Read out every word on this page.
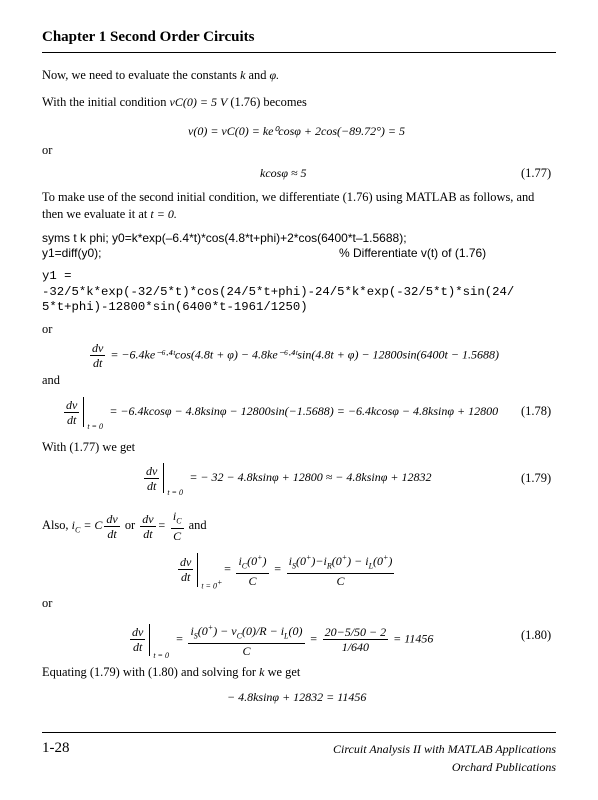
Chapter 1 Second Order Circuits
Now, we need to evaluate the constants k and φ.
With the initial condition vC(0) = 5 V (1.76) becomes
v(0) = vC(0) = ke⁰cosφ + 2cos(−89.72°) = 5
or
kcosφ ≈ 5	(1.77)
To make use of the second initial condition, we differentiate (1.76) using MATLAB as follows, and
then we evaluate it at t = 0.
syms t k phi; y0=k*exp(–6.4*t)*cos(4.8*t+phi)+2*cos(6400*t–1.5688);
y1=diff(y0);	% Differentiate v(t) of (1.76)
y1 =
-32/5*k*exp(-32/5*t)*cos(24/5*t+phi)-24/5*k*exp(-32/5*t)*sin(24/
5*t+phi)-12800*sin(6400*t-1961/1250)
or
$\frac{dv}{dt}$ = −6.4ke⁻⁶·⁴ᵗcos(4.8t + φ) − 4.8ke⁻⁶·⁴ᵗsin(4.8t + φ) − 12800sin(6400t − 1.5688)
and
$\frac{dv}{dt}$ t = 0
= −6.4kcosφ − 4.8ksinφ − 12800sin(−1.5688) = −6.4kcosφ − 4.8ksinφ + 12800 (1.78)
With (1.77) we get
$\frac{dv}{dt}$ t = 0
= − 32 − 4.8ksinφ + 12800 ≈ − 4.8ksinφ + 12832	(1.79)
Also, $i_C = C \frac{dv}{dt}$ or $\frac{dv}{dt} = \frac{i_C}{C}$ and
$\frac{dv}{dt}$
t = 0+
= $\frac{i_C(0^+)}{C} = \frac{i_S(0^+)-i_R(0^+) - i_L(0^+)}{C}$
or
$\frac{dv}{dt}$
t = 0
= $\frac{i_S(0^+) - v_C(0)/R - i_L(0)}{C} = \frac{20-5/50 - 2}{1/640} = 11456$	(1.80)
Equating (1.79) with (1.80) and solving for k we get
− 4.8ksinφ + 12832 = 11456
1-28	Circuit Analysis II with MATLAB Applications
Orchard Publications
